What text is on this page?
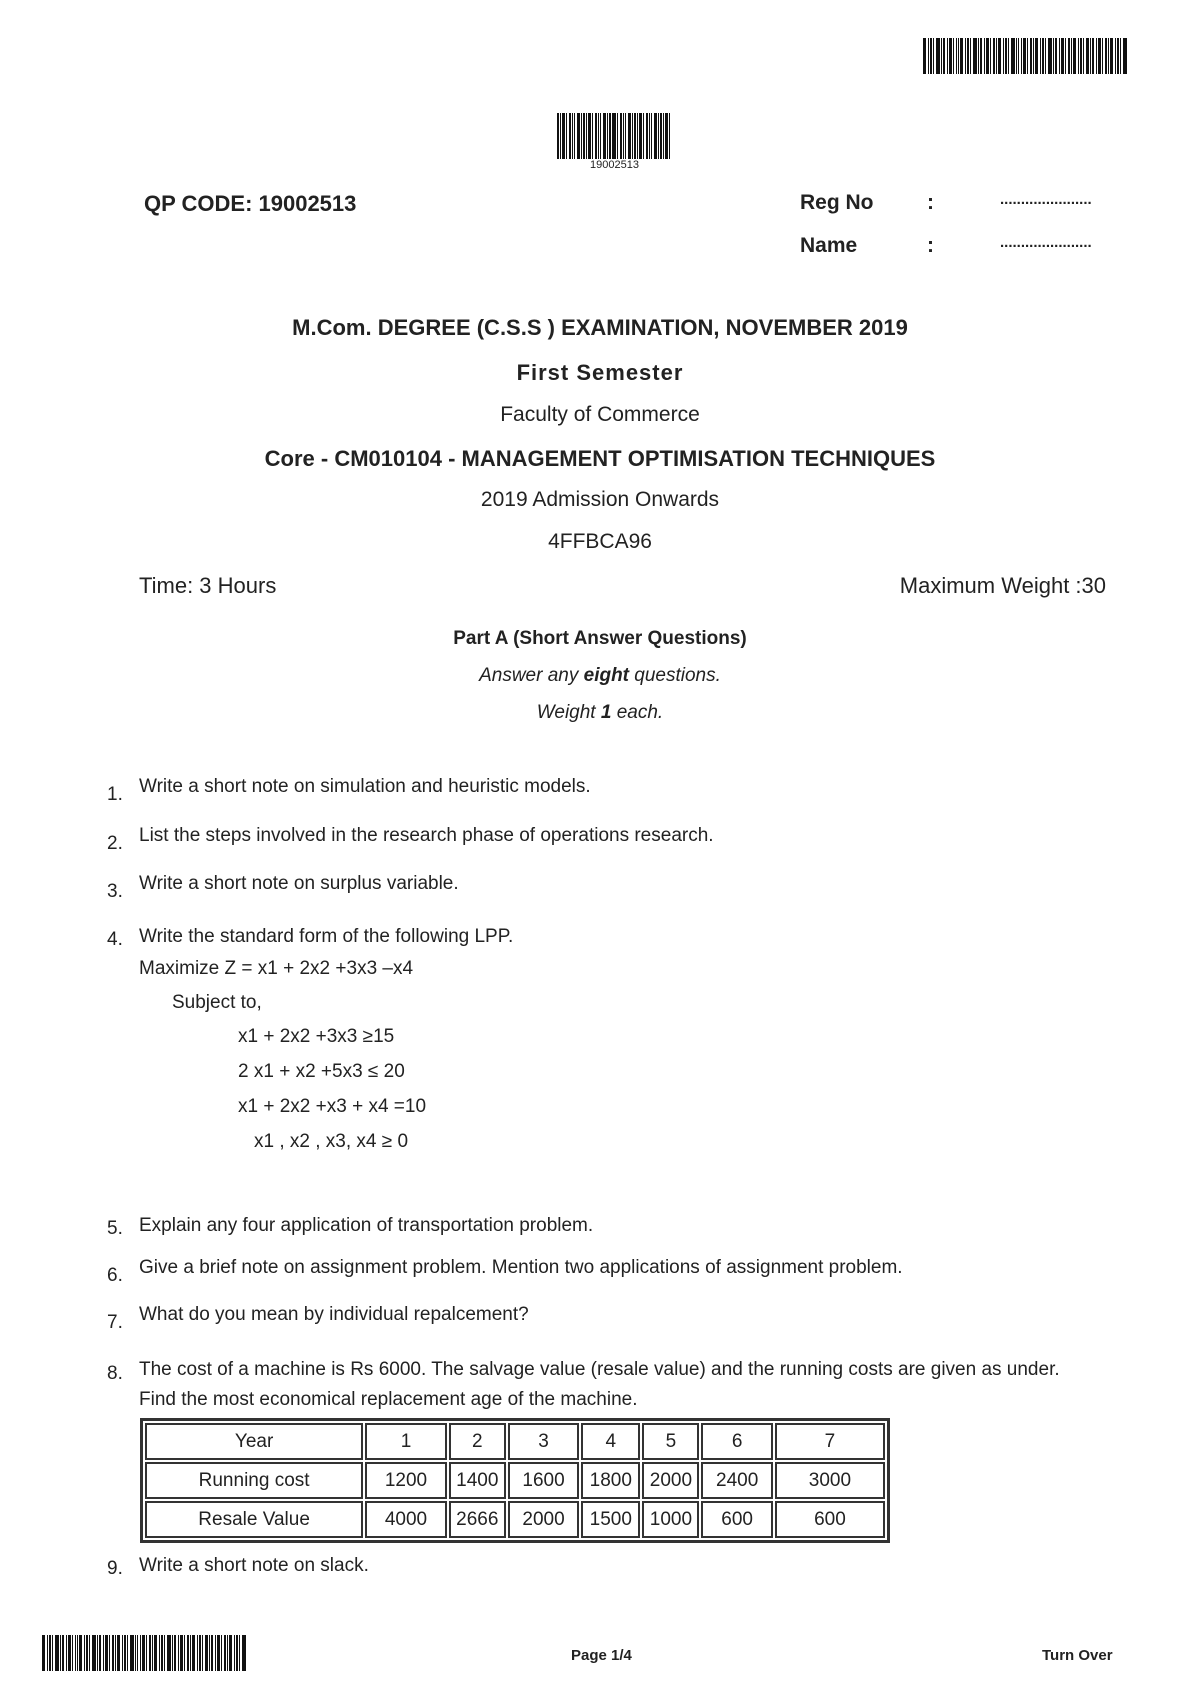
19002513
QP CODE: 19002513	Reg No	:	......................
Name	:	......................
M.Com. DEGREE (C.S.S ) EXAMINATION, NOVEMBER 2019
First Semester
Faculty of Commerce
Core - CM010104 - MANAGEMENT OPTIMISATION TECHNIQUES
2019 Admission Onwards
4FFBCA96
Time: 3 Hours	Maximum Weight :30
Part A (Short Answer Questions)
Answer any eight questions.
Weight 1 each.
1. Write a short note on simulation and heuristic models.
2. List the steps involved in the research phase of operations research.
3. Write a short note on surplus variable.
4. Write the standard form of the following LPP.
Maximize Z = x1 + 2x2 +3x3 –x4
Subject to,
x1 + 2x2 +3x3 ≥15
2 x1 + x2 +5x3 ≤ 20
x1 + 2x2 +x3 + x4 =10
x1 , x2 , x3, x4 ≥ 0
5. Explain any four application of transportation problem.
6. Give a brief note on assignment problem. Mention two applications of assignment problem.
7. What do you mean by individual repalcement?
8. The cost of a machine is Rs 6000. The salvage value (resale value) and the running costs are given as under. Find the most economical replacement age of the machine.
Year	1	2	3	4	5	6	7
Running cost	1200	1400	1600	1800	2000	2400	3000
Resale Value	4000	2666	2000	1500	1000	600	600
9. Write a short note on slack.
Page 1/4	Turn Over
